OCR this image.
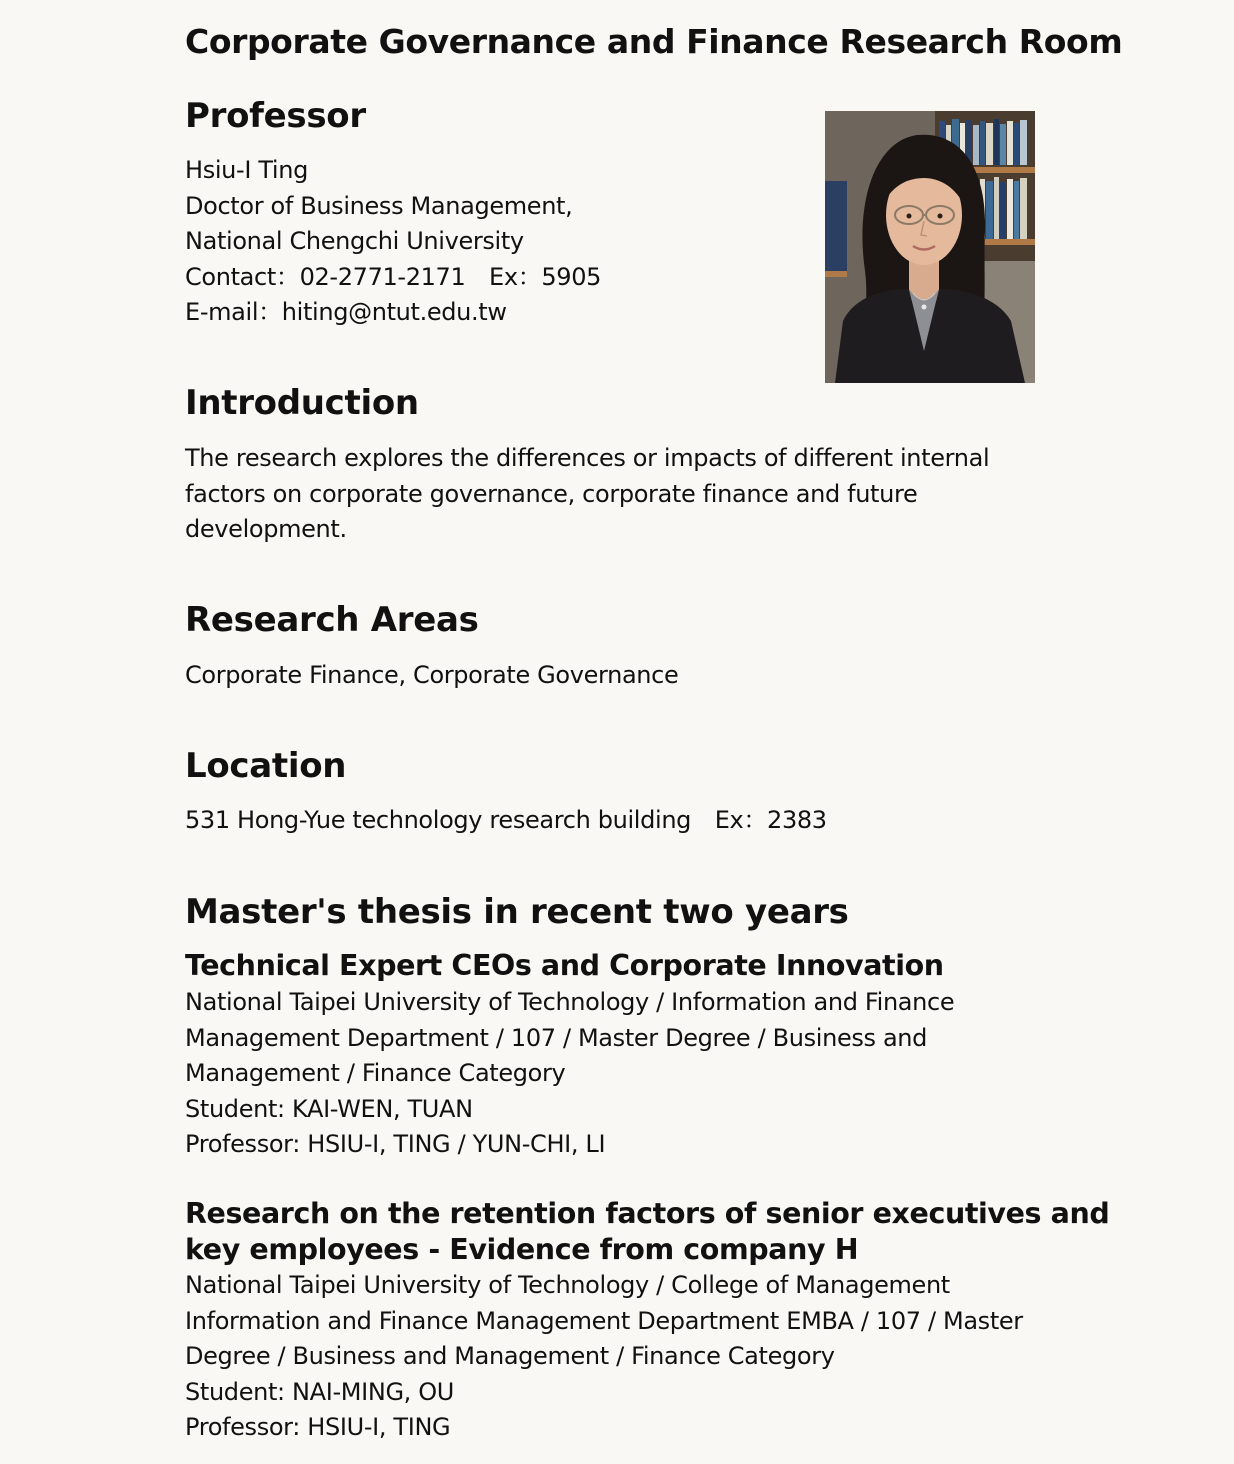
Corporate Governance and Finance Research Room
Professor
Hsiu-I Ting
Doctor of Business Management,
National Chengchi University
Contact：02-2771-2171　Ex：5905
E-mail：hiting@ntut.edu.tw
Introduction
The research explores the differences or impacts of different internal
factors on corporate governance, corporate finance and future
development.
Research Areas
Corporate Finance, Corporate Governance
Location
531 Hong-Yue technology research building　Ex：2383
Master's thesis in recent two years
Technical Expert CEOs and Corporate Innovation
National Taipei University of Technology / Information and Finance
Management Department / 107 / Master Degree / Business and
Management / Finance Category
Student: KAI-WEN, TUAN
Professor: HSIU-I, TING / YUN-CHI, LI
Research on the retention factors of senior executives and
key employees - Evidence from company H
National Taipei University of Technology / College of Management
Information and Finance Management Department EMBA / 107 / Master
Degree / Business and Management / Finance Category
Student: NAI-MING, OU
Professor: HSIU-I, TING
